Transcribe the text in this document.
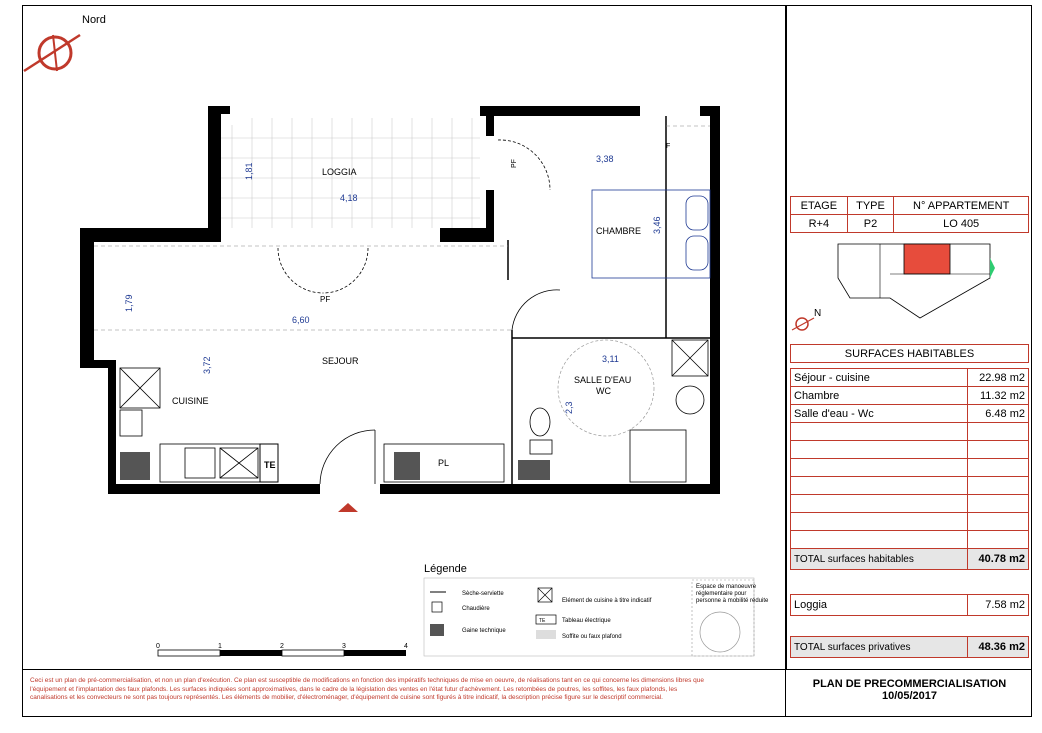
Nord
TE	PL
LOGGIA
CHAMBRE
SEJOUR
CUISINE
SALLE D'EAU
WC
PF
PF
F
1,81
4,18
3,38
3,46
1,79
6,60
3,72	3,11
2,3
0	1	2	3	4
Légende
Sèche-serviette
Chaudière
Gaine technique
Elément de cuisine à titre indicatif
TE	Tableau électrique
Soffite ou faux plafond
Espace de manoeuvre
réglementaire pour
personne à mobilité réduite
ETAGE	TYPE	N° APPARTEMENT
R+4	P2	LO 405
N
SURFACES HABITABLES
Séjour - cuisine	22.98 m2
Chambre	11.32 m2
Salle d'eau - Wc	6.48 m2

TOTAL surfaces habitables	40.78 m2
Loggia	7.58 m2
TOTAL surfaces privatives	48.36 m2
Ceci est un plan de pré-commercialisation, et non un plan d'exécution. Ce plan est susceptible de modifications en fonction des impératifs techniques de mise en oeuvre, de réalisations tant en ce qui concerne les dimensions libres que
l'équipement et l'implantation des faux plafonds. Les surfaces indiquées sont approximatives, dans le cadre de la législation des ventes en l'état futur d'achèvement. Les retombées de poutres, les soffites, les faux plafonds, les
canalisations et les convecteurs ne sont pas toujours représentés. Les éléments de mobilier, d'électroménager, d'équipement de cuisine sont figurés à titre indicatif, la description précise figure sur le descriptif commercial.
PLAN DE PRECOMMERCIALISATION
10/05/2017
